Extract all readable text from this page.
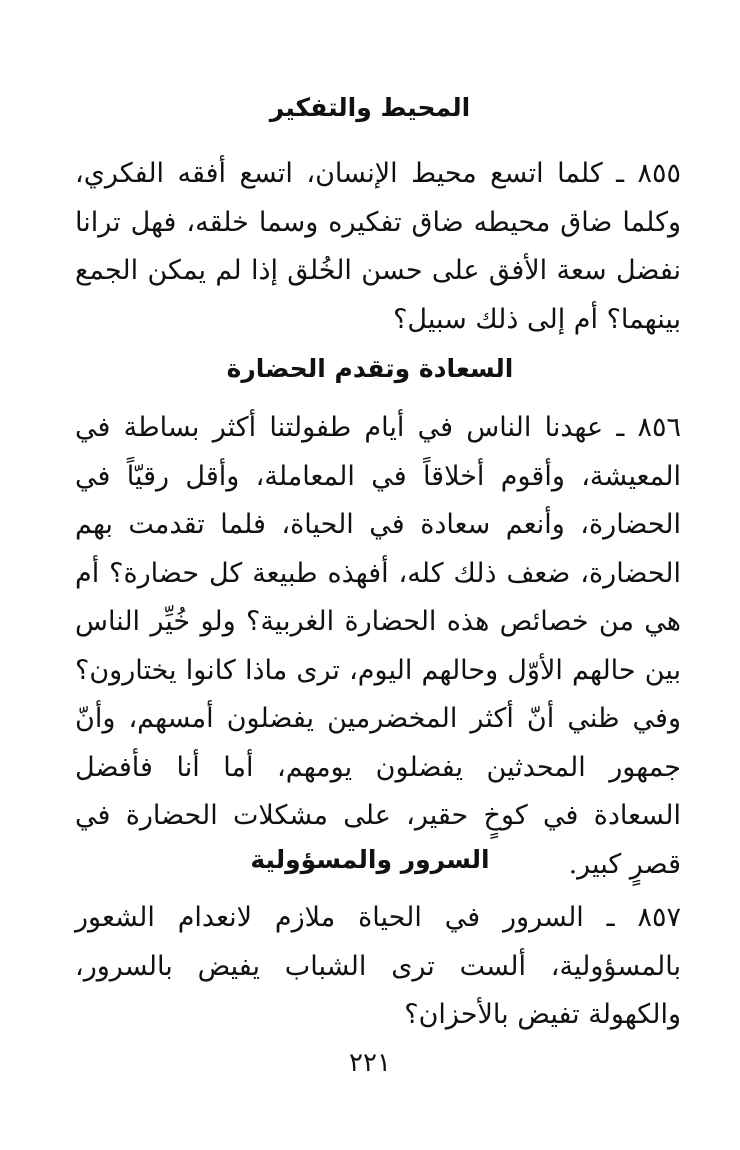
المحيط والتفكير

٨٥٥ ـ كلما اتسع محيط الإنسان، اتسع أفقه الفكري، وكلما ضاق محيطه ضاق تفكيره وسما خلقه، فهل ترانا نفضل سعة الأفق على حسن الخُلق إذا لم يمكن الجمع بينهما؟ أم إلى ذلك سبيل؟

السعادة وتقدم الحضارة

٨٥٦ ـ عهدنا الناس في أيام طفولتنا أكثر بساطة في المعيشة، وأقوم أخلاقاً في المعاملة، وأقل رقيّاً في الحضارة، وأنعم سعادة في الحياة، فلما تقدمت بهم الحضارة، ضعف ذلك كله، أفهذه طبيعة كل حضارة؟ أم هي من خصائص هذه الحضارة الغربية؟ ولو خُيِّر الناس بين حالهم الأوّل وحالهم اليوم، ترى ماذا كانوا يختارون؟ وفي ظني أنّ أكثر المخضرمين يفضلون أمسهم، وأنّ جمهور المحدثين يفضلون يومهم، أما أنا فأفضل السعادة في كوخٍ حقير، على مشكلات الحضارة في قصرٍ كبير.

السرور والمسؤولية

٨٥٧ ـ السرور في الحياة ملازم لانعدام الشعور بالمسؤولية، ألست ترى الشباب يفيض بالسرور، والكهولة تفيض بالأحزان؟

٢٢١
